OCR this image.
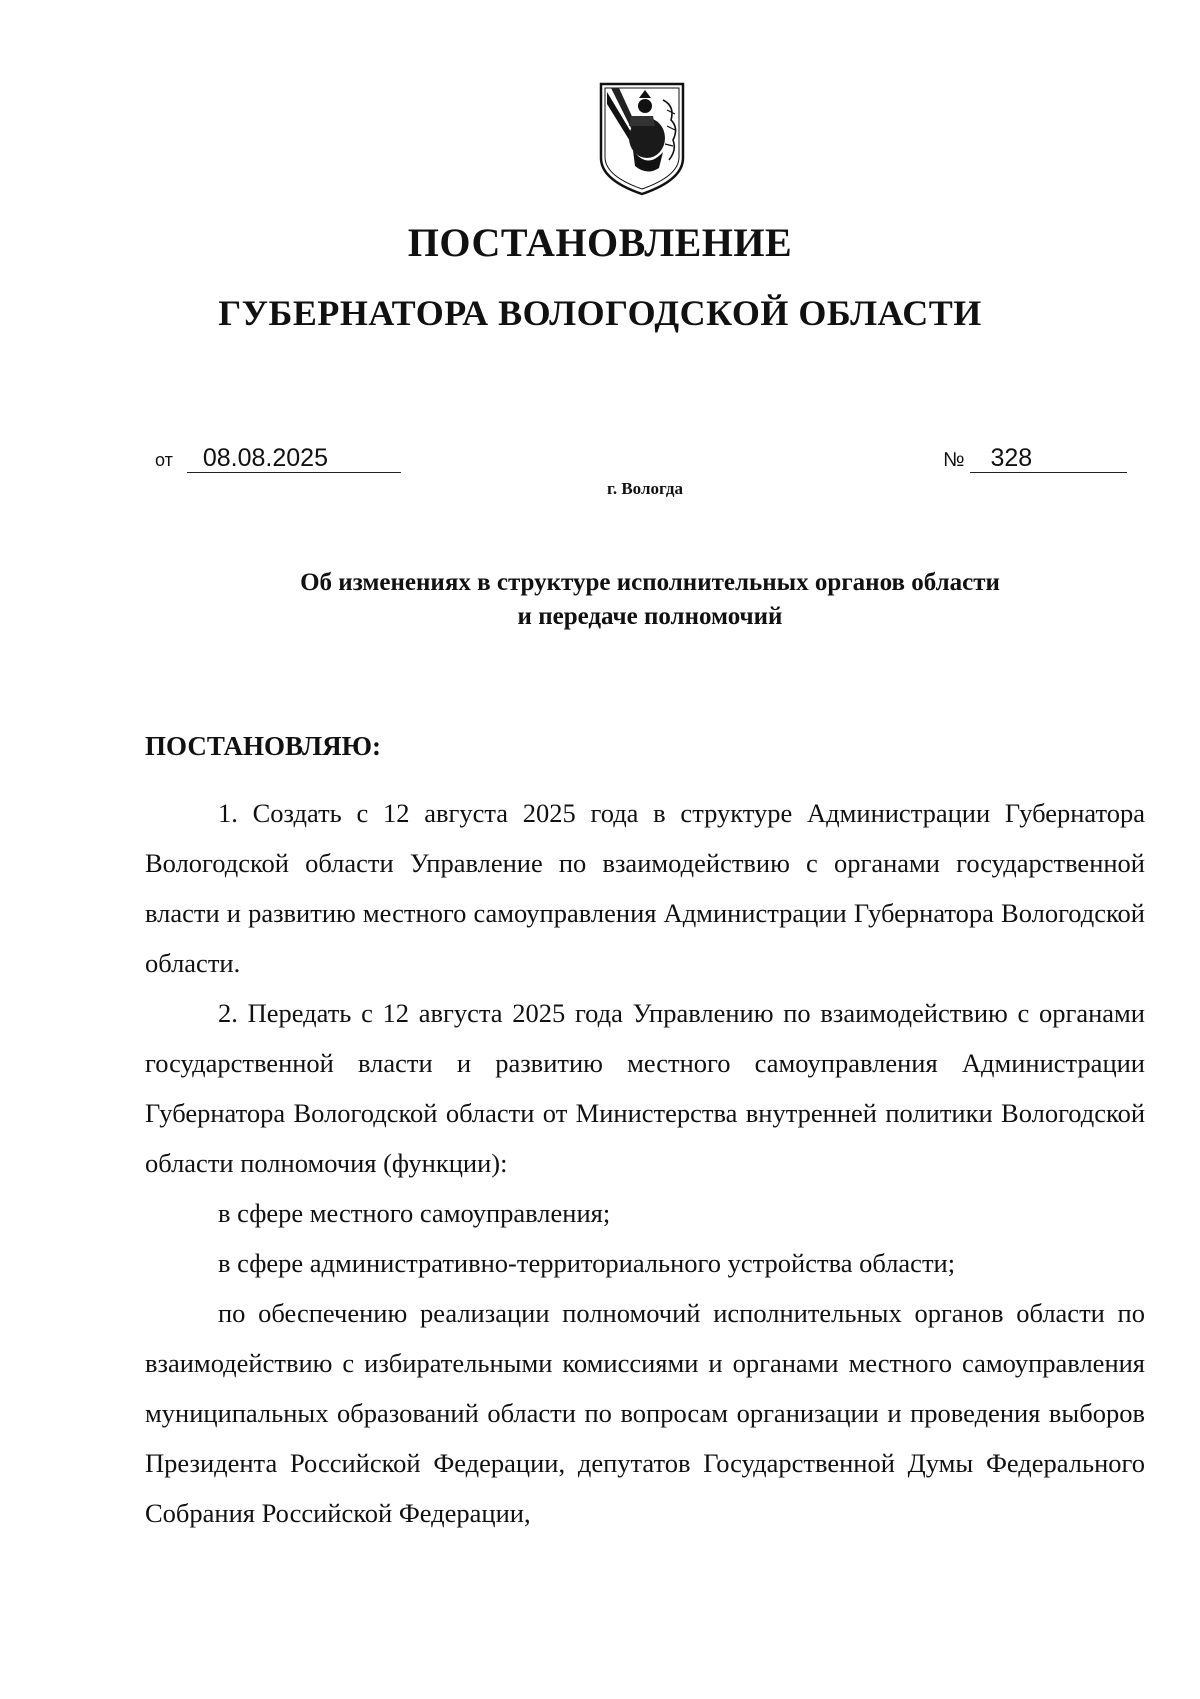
ПОСТАНОВЛЕНИЕ
ГУБЕРНАТОРА ВОЛОГОДСКОЙ ОБЛАСТИ
от 08.08.2025	№ 328
г. Вологда
Об изменениях в структуре исполнительных органов области
и передаче полномочий
ПОСТАНОВЛЯЮ:

1. Создать с 12 августа 2025 года в структуре Администрации Губернатора Вологодской области Управление по взаимодействию с органами государственной власти и развитию местного самоуправления Администрации Губернатора Вологодской области.

2. Передать с 12 августа 2025 года Управлению по взаимодействию с органами государственной власти и развитию местного самоуправления Администрации Губернатора Вологодской области от Министерства внутренней политики Вологодской области полномочия (функции):

в сфере местного самоуправления;

в сфере административно-территориального устройства области;

по обеспечению реализации полномочий исполнительных органов области по взаимодействию с избирательными комиссиями и органами местного самоуправления муниципальных образований области по вопросам организации и проведения выборов Президента Российской Федерации, депутатов Государственной Думы Федерального Собрания Российской Федерации,
